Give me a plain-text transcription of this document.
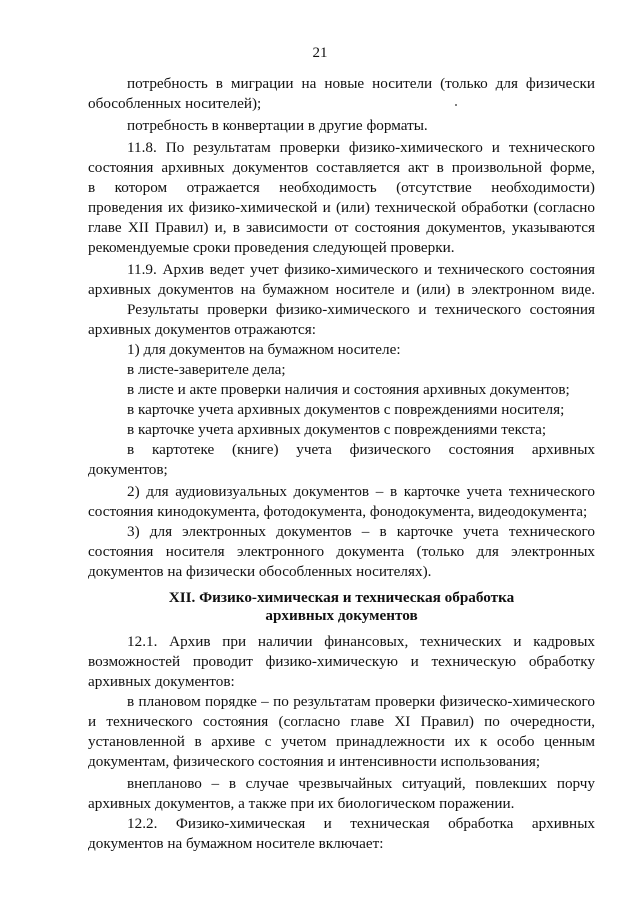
21
потребность в миграции на новые носители (только для физически
обособленных носителей);
потребность в конвертации в другие форматы.
11.8. По результатам проверки физико-химического и технического
состояния архивных документов составляется акт в произвольной форме,
в котором отражается необходимость (отсутствие необходимости)
проведения их физико-химической и (или) технической обработки (согласно
главе XII Правил) и, в зависимости от состояния документов, указываются
рекомендуемые сроки проведения следующей проверки.
11.9. Архив ведет учет физико-химического и технического состояния
архивных документов на бумажном носителе и (или) в электронном виде.
Результаты проверки физико-химического и технического состояния
архивных документов отражаются:
1) для документов на бумажном носителе:
в листе-заверителе дела;
в листе и акте проверки наличия и состояния архивных документов;
в карточке учета архивных документов с повреждениями носителя;
в карточке учета архивных документов с повреждениями текста;
в картотеке (книге) учета физического состояния архивных
документов;
2) для аудиовизуальных документов – в карточке учета технического
состояния кинодокумента, фотодокумента, фонодокумента, видеодокумента;
3) для электронных документов – в карточке учета технического
состояния носителя электронного документа (только для электронных
документов на физически обособленных носителях).
XII. Физико-химическая и техническая обработка
архивных документов
12.1. Архив при наличии финансовых, технических и кадровых
возможностей проводит физико-химическую и техническую обработку
архивных документов:
в плановом порядке – по результатам проверки физическо-химического
и технического состояния (согласно главе XI Правил) по очередности,
установленной в архиве с учетом принадлежности их к особо ценным
документам, физического состояния и интенсивности использования;
внепланово – в случае чрезвычайных ситуаций, повлекших порчу
архивных документов, а также при их биологическом поражении.
12.2. Физико-химическая и техническая обработка архивных
документов на бумажном носителе включает:
